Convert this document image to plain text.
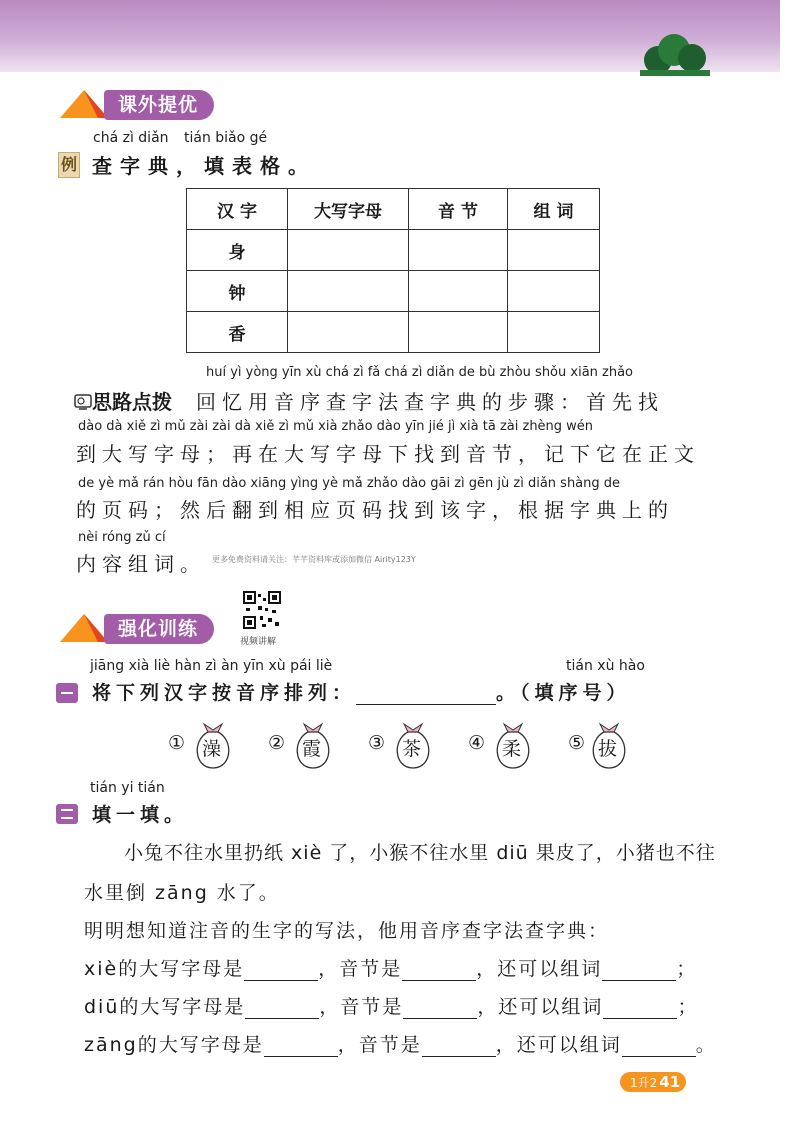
课外提优
chá zì diǎn tián biǎo gé
例 查字典，填表格。
汉 字	大写字母	音 节	组 词
身			
钟			
香			
huí yì yòng yīn xù chá zì fǎ chá zì diǎn de bù zhòu shǒu xiān zhǎo
思路点拨 回忆用音序查字法查字典的步骤：首先找
dào dà xiě zì mǔ zài zài dà xiě zì mǔ xià zhǎo dào yīn jié jì xià tā zài zhèng wén
到大写字母；再在大写字母下找到音节，记下它在正文
de yè mǎ rán hòu fān dào xiāng yìng yè mǎ zhǎo dào gāi zì gēn jù zì diǎn shàng de
的页码；然后翻到相应页码找到该字，根据字典上的
nèi róng zǔ cí
内容组词。 更多免费资料请关注：芊芊资料库或添加微信 Airity123Y
强化训练
视频讲解
jiāng xià liè hàn zì àn yīn xù pái liè	tián xù hào
将下列汉字按音序排列：	。（填序号）
① 澡 ② 霞 ③ 茶 ④ 柔 ⑤ 拔
tián yi tián
填一填。
小兔不往水里扔纸 xiè 了，小猴不往水里 diū 果皮了，小猪也不往
水里倒 zāng 水了。
明明想知道注音的生字的写法，他用音序查字法查字典：
xiè的大写字母是	，音节是	，还可以组词	；
diū的大写字母是	，音节是	，还可以组词	；
zāng的大写字母是	，音节是	，还可以组词	。
1升2 41
